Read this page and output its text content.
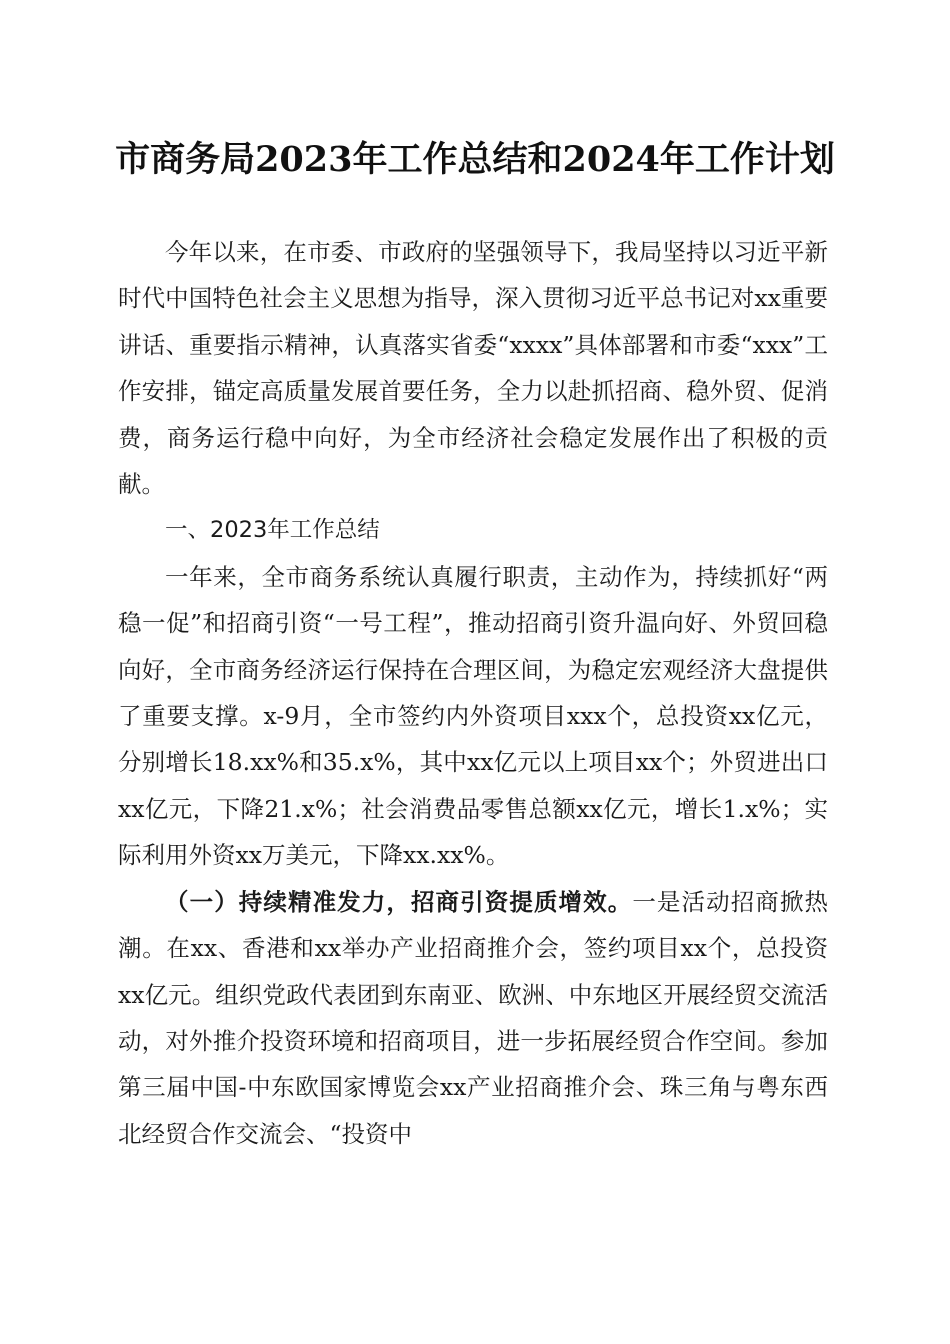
市商务局2023年工作总结和2024年工作计划

今年以来，在市委、市政府的坚强领导下，我局坚持以习近平新时代中国特色社会主义思想为指导，深入贯彻习近平总书记对xx重要讲话、重要指示精神，认真落实省委“xxxx”具体部署和市委“xxx”工作安排，锚定高质量发展首要任务，全力以赴抓招商、稳外贸、促消费，商务运行稳中向好，为全市经济社会稳定发展作出了积极的贡献。

一、2023年工作总结

一年来，全市商务系统认真履行职责，主动作为，持续抓好“两稳一促”和招商引资“一号工程”，推动招商引资升温向好、外贸回稳向好，全市商务经济运行保持在合理区间，为稳定宏观经济大盘提供了重要支撑。x-9月，全市签约内外资项目xxx个，总投资xx亿元，分别增长18.xx%和35.x%，其中xx亿元以上项目xx个；外贸进出口xx亿元，下降21.x%；社会消费品零售总额xx亿元，增长1.x%；实际利用外资xx万美元，下降xx.xx%。

（一）持续精准发力，招商引资提质增效。一是活动招商掀热潮。在xx、香港和xx举办产业招商推介会，签约项目xx个，总投资xx亿元。组织党政代表团到东南亚、欧洲、中东地区开展经贸交流活动，对外推介投资环境和招商项目，进一步拓展经贸合作空间。参加第三届中国-中东欧国家博览会xx产业招商推介会、珠三角与粤东西北经贸合作交流会、“投资中
